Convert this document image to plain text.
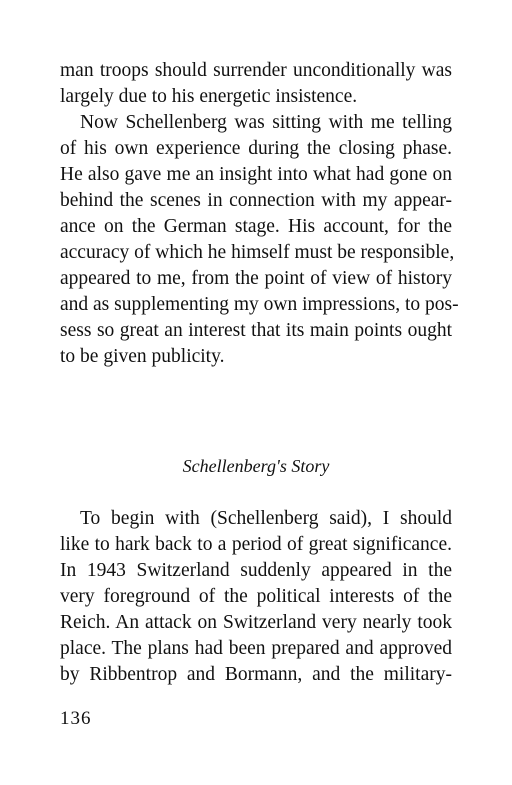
man troops should surrender unconditionally was
largely due to his energetic insistence.
Now Schellenberg was sitting with me telling
of his own experience during the closing phase.
He also gave me an insight into what had gone on
behind the scenes in connection with my appear-
ance on the German stage. His account, for the
accuracy of which he himself must be responsible,
appeared to me, from the point of view of history
and as supplementing my own impressions, to pos-
sess so great an interest that its main points ought
to be given publicity.
Schellenberg's Story
To begin with (Schellenberg said), I should
like to hark back to a period of great significance.
In 1943 Switzerland suddenly appeared in the
very foreground of the political interests of the
Reich. An attack on Switzerland very nearly took
place. The plans had been prepared and approved
by Ribbentrop and Bormann, and the military-
136
